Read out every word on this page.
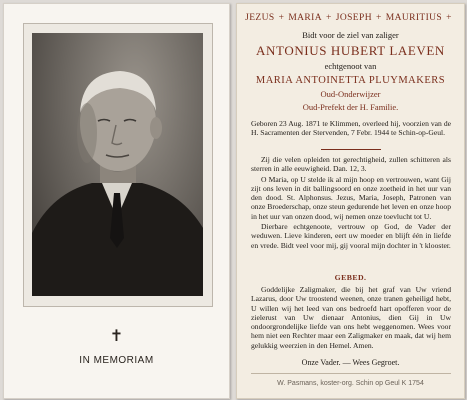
✝
IN MEMORIAM
JEZUS + MARIA + JOSEPH + MAURITIUS +
Bidt voor de ziel van zaliger
ANTONIUS HUBERT LAEVEN
echtgenoot van
MARIA ANTOINETTA PLUYMAKERS
Oud-Onderwijzer
Oud-Prefekt der H. Familie.
Geboren 23 Aug. 1871 te Klimmen, overleed hij, voorzien van de H. Sacramenten der Stervenden, 7 Febr. 1944 te Schin-op-Geul.

Zij die velen opleiden tot gerechtigheid, zullen schitteren als sterren in alle eeuwigheid. Dan. 12, 3.

O Maria, op U stelde ik al mijn hoop en vertrouwen, want Gij zijt ons leven in dit ballingsoord en onze zoetheid in het uur van den dood. St. Alphonsus. Jezus, Maria, Joseph, Patronen van onze Broederschap, onze steun gedurende het leven en onze hoop in het uur van onzen dood, wij nemen onze toevlucht tot U.

Dierbare echtgenoote, vertrouw op God, de Vader der weduwen. Lieve kinderen, eert uw moeder en blijft één in liefde en vrede. Bidt veel voor mij, gij vooral mijn dochter in 't klooster.

GEBED.
Goddelijke Zaligmaker, die bij het graf van Uw vriend Lazarus, door Uw troostend weenen, onze tranen geheiligd hebt, U willen wij het leed van ons bedroefd hart opofferen voor de zielerust van Uw dienaar Antonius, dien Gij in Uw ondoorgrondelijke liefde van ons hebt weggenomen. Wees voor hem niet een Rechter maar een Zaligmaker en maak, dat wij hem gelukkig weerzien in den Hemel. Amen.
Onze Vader. — Wees Gegroet.
W. Pasmans, koster-org. Schin op Geul K 1754
